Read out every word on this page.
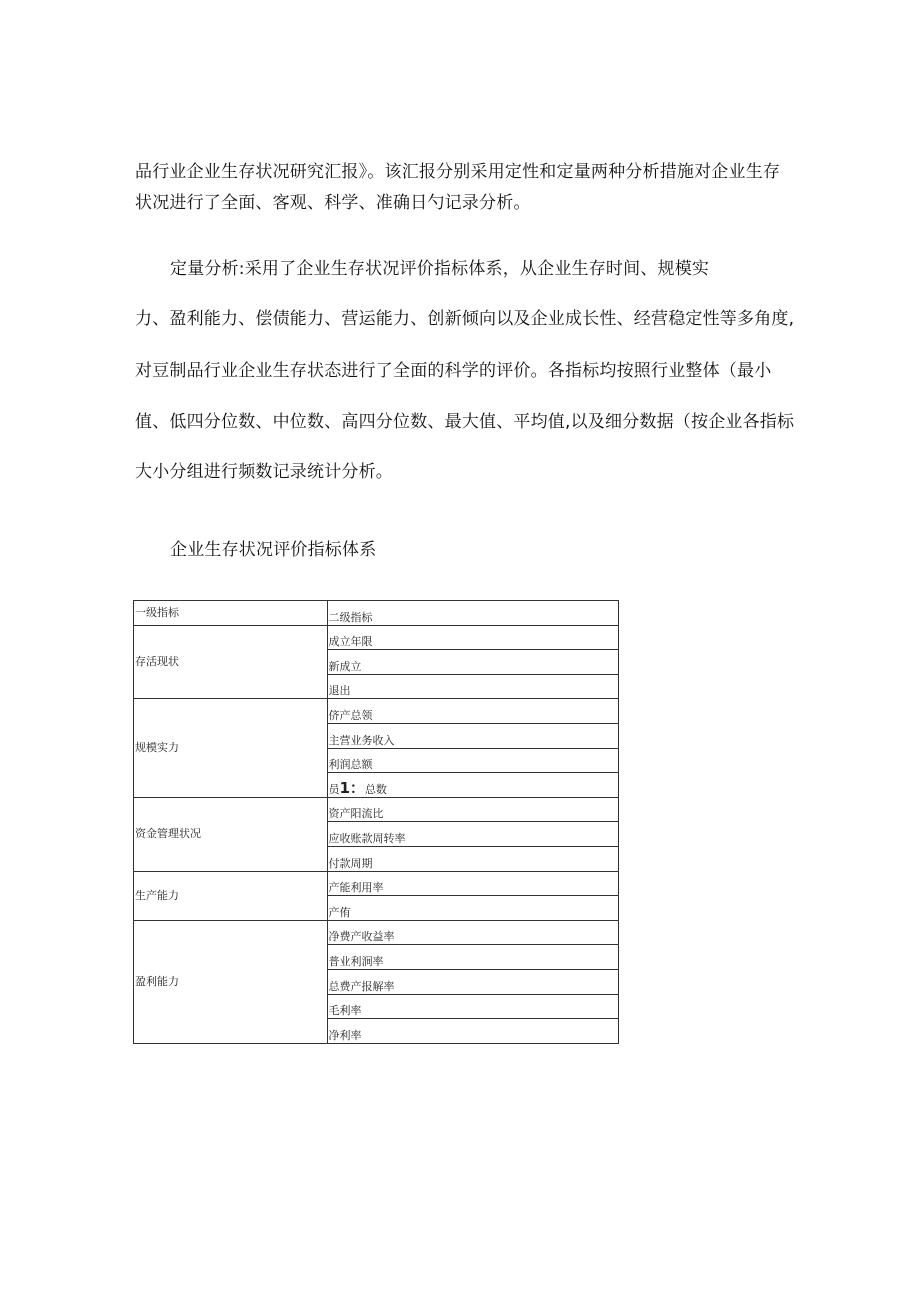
品行业企业生存状况研究汇报》。该汇报分别采用定性和定量两种分析措施对企业生存
状况进行了全面、客观、科学、准确日勺记录分析。
定量分析:采用了企业生存状况评价指标体系，从企业生存时间、规模实
力、盈利能力、偿债能力、营运能力、创新倾向以及企业成长性、经营稳定性等多角度,
对豆制品行业企业生存状态进行了全面的科学的评价。各指标均按照行业整体（最小
值、低四分位数、中位数、高四分位数、最大值、平均值,以及细分数据（按企业各指标
大小分组进行频数记录统计分析。
企业生存状况评价指标体系
一级指标	二级指标
存活现状	成立年限
	新成立
	退出
规模实力	侪产总领
	主营业务收入
	利润总额
	员1：总数
资金管理状况	资产阳流比
	应收账款周转率
	付款周期
生产能力	产能利用率
	产侑
盈利能力	净费产收益率
	普业利涧率
	总费产报解率
	毛利率
	净利率
